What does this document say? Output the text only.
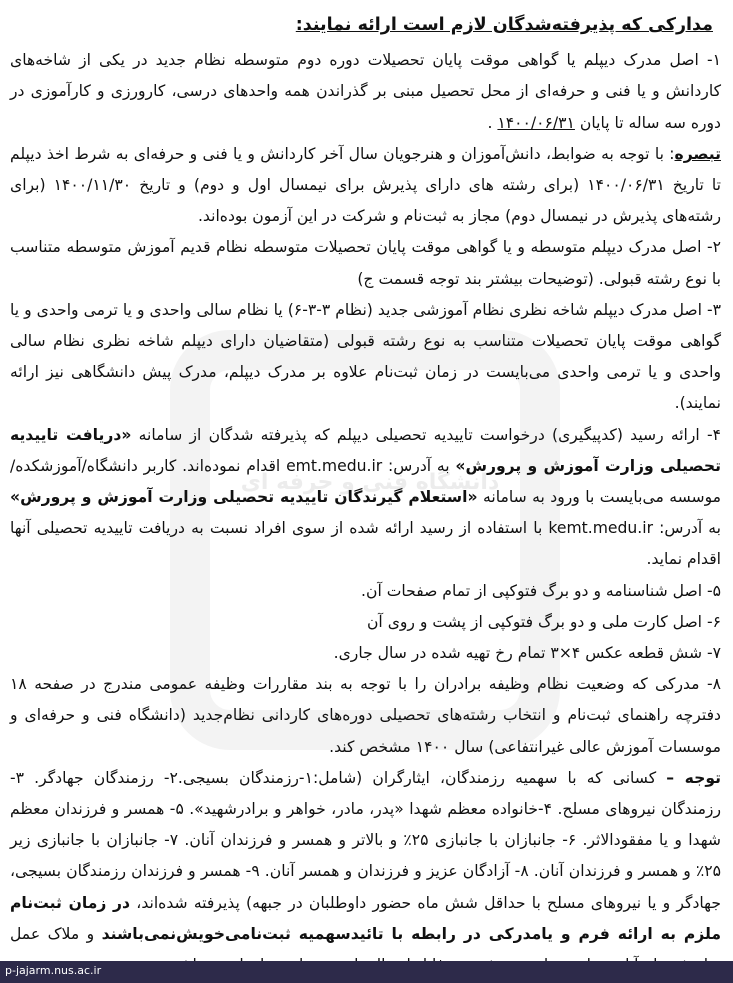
دانشگاه فنی و حرفه ای
مدارکی که پذیرفته‌شدگان لازم است ارائه نمایند:

۱- اصل مدرک دیپلم یا گواهی موقت پایان تحصیلات دوره دوم متوسطه نظام جدید در یکی از شاخه‌های کاردانش و یا فنی و حرفه‌ای از محل تحصیل مبنی بر گذراندن همه واحدهای درسی، کارورزی و کارآموزی در دوره سه ساله تا پایان ۱۴۰۰/۰۶/۳۱ .

تبصره: با توجه به ضوابط، دانش‌آموزان و هنرجویان سال آخر کاردانش و یا فنی و حرفه‌ای به شرط اخذ دیپلم تا تاریخ ۱۴۰۰/۰۶/۳۱ (برای رشته های دارای پذیرش برای نیمسال اول و دوم) و تاریخ ۱۴۰۰/۱۱/۳۰ (برای رشته‌های پذیرش در نیمسال دوم) مجاز به ثبت‌نام و شرکت در این آزمون بوده‌اند.

۲- اصل مدرک دیپلم متوسطه و یا گواهی موقت پایان تحصیلات متوسطه نظام قدیم آموزش متوسطه متناسب با نوع رشته قبولی. (توضیحات بیشتر بند توجه قسمت ج)

۳- اصل مدرک دیپلم شاخه نظری نظام آموزشی جدید (نظام ۳-۳-۶) یا نظام سالی واحدی و یا ترمی واحدی و یا گواهی موقت پایان تحصیلات متناسب به نوع رشته قبولی (متقاضیان دارای دیپلم شاخه نظری نظام سالی واحدی و یا ترمی واحدی می‌بایست در زمان ثبت‌نام علاوه بر مدرک دیپلم، مدرک پیش دانشگاهی نیز ارائه نمایند).

۴- ارائه رسید (کدپیگیری) درخواست تاییدیه تحصیلی دیپلم که پذیرفته شدگان از سامانه «دریافت تاییدیه تحصیلی وزارت آموزش و پرورش» به آدرس: emt.medu.ir اقدام نموده‌اند. کاربر دانشگاه/آموزشکده/موسسه می‌بایست با ورود به سامانه «استعلام گیرندگان تاییدیه تحصیلی وزارت آموزش و پرورش» به آدرس: kemt.medu.ir با استفاده از رسید ارائه شده از سوی افراد نسبت به دریافت تاییدیه تحصیلی آنها اقدام نماید.

۵- اصل شناسنامه و دو برگ فتوکپی از تمام صفحات آن.

۶- اصل کارت ملی و دو برگ فتوکپی از پشت و روی آن

۷- شش قطعه عکس ۴×۳ تمام رخ تهیه شده در سال جاری.

۸- مدرکی که وضعیت نظام وظیفه برادران را با توجه به بند مقاررات وظیفه عمومی مندرج در صفحه ۱۸ دفترچه راهنمای ثبت‌نام و انتخاب رشته‌های تحصیلی دوره‌های کاردانی نظام‌جدید (دانشگاه فنی و حرفه‌ای و موسسات آموزش عالی غیرانتفاعی) سال ۱۴۰۰ مشخص کند.

توجه – کسانی که با سهمیه رزمندگان، ایثارگران (شامل:۱-رزمندگان بسیجی.۲- رزمندگان جهادگر. ۳- رزمندگان نیروهای مسلح. ۴-خانواده معظم شهدا «پدر، مادر، خواهر و برادرشهید». ۵- همسر و فرزندان معظم شهدا و یا مفقودالاثر. ۶- جانبازان با جانبازی ۲۵٪ و بالاتر و همسر و فرزندان آنان. ۷- جانبازان با جانبازی زیر ۲۵٪ و همسر و فرزندان آنان. ۸- آزادگان عزیز و فرزندان و همسر آنان. ۹- همسر و فرزندان رزمندگان بسیجی، جهادگر و یا نیروهای مسلح با حداقل شش ماه حضور داوطلبان در جبهه) پذیرفته شده‌اند، در زمان ثبت‌نام ملزم به ارائه فرم و یامدرکی در رابطه با تائیدسهمیه ثبت‌نامی‌خویش‌نمی‌باشند و ملاک عمل

p-jajarm.nus.ac.ir
